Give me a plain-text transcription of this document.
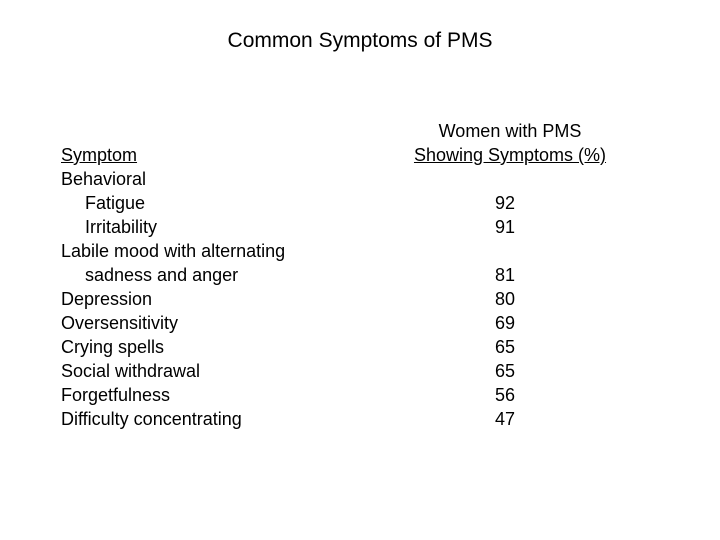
Common Symptoms of PMS
Symptom
Behavioral
Fatigue
Irritability
Labile mood with alternating
sadness and anger
Depression
Oversensitivity
Crying spells
Social withdrawal
Forgetfulness
Difficulty concentrating
Women with PMS
Showing Symptoms (%)
92
91
81
80
69
65
65
56
47
